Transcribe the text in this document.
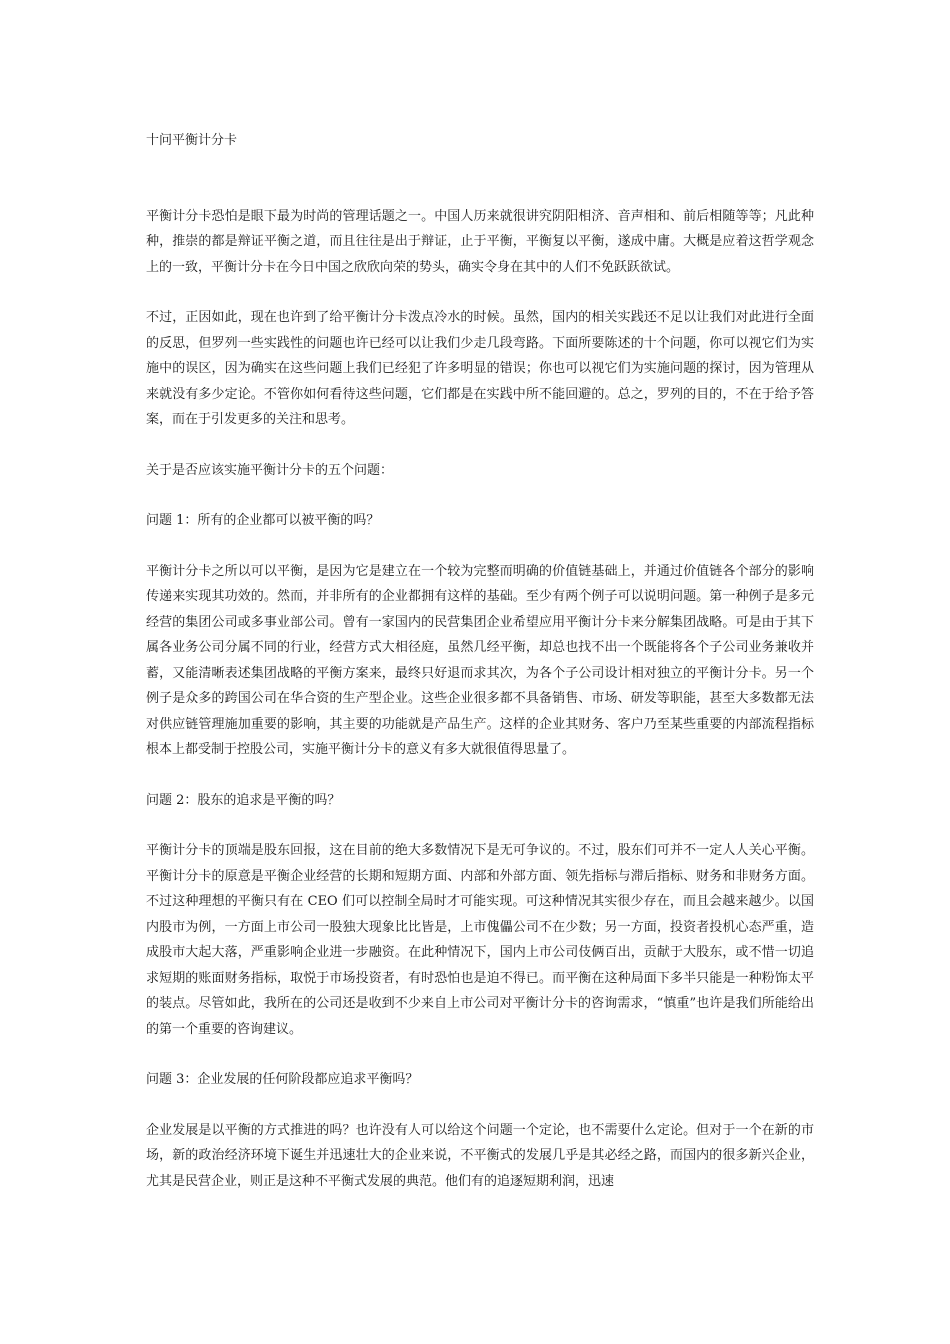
十问平衡计分卡

平衡计分卡恐怕是眼下最为时尚的管理话题之一。中国人历来就很讲究阴阳相济、音声相和、前后相随等等；凡此种种，推崇的都是辩证平衡之道，而且往往是出于辩证，止于平衡，平衡复以平衡，遂成中庸。大概是应着这哲学观念上的一致，平衡计分卡在今日中国之欣欣向荣的势头，确实令身在其中的人们不免跃跃欲试。

不过，正因如此，现在也许到了给平衡计分卡泼点冷水的时候。虽然，国内的相关实践还不足以让我们对此进行全面的反思，但罗列一些实践性的问题也许已经可以让我们少走几段弯路。下面所要陈述的十个问题，你可以视它们为实施中的误区，因为确实在这些问题上我们已经犯了许多明显的错误；你也可以视它们为实施问题的探讨，因为管理从来就没有多少定论。不管你如何看待这些问题，它们都是在实践中所不能回避的。总之，罗列的目的，不在于给予答案，而在于引发更多的关注和思考。

关于是否应该实施平衡计分卡的五个问题：

问题 1：所有的企业都可以被平衡的吗？

平衡计分卡之所以可以平衡，是因为它是建立在一个较为完整而明确的价值链基础上，并通过价值链各个部分的影响传递来实现其功效的。然而，并非所有的企业都拥有这样的基础。至少有两个例子可以说明问题。第一种例子是多元经营的集团公司或多事业部公司。曾有一家国内的民营集团企业希望应用平衡计分卡来分解集团战略。可是由于其下属各业务公司分属不同的行业，经营方式大相径庭，虽然几经平衡，却总也找不出一个既能将各个子公司业务兼收并蓄，又能清晰表述集团战略的平衡方案来，最终只好退而求其次，为各个子公司设计相对独立的平衡计分卡。另一个例子是众多的跨国公司在华合资的生产型企业。这些企业很多都不具备销售、市场、研发等职能，甚至大多数都无法对供应链管理施加重要的影响，其主要的功能就是产品生产。这样的企业其财务、客户乃至某些重要的内部流程指标根本上都受制于控股公司，实施平衡计分卡的意义有多大就很值得思量了。

问题 2：股东的追求是平衡的吗？

平衡计分卡的顶端是股东回报，这在目前的绝大多数情况下是无可争议的。不过，股东们可并不一定人人关心平衡。平衡计分卡的原意是平衡企业经营的长期和短期方面、内部和外部方面、领先指标与滞后指标、财务和非财务方面。不过这种理想的平衡只有在 CEO 们可以控制全局时才可能实现。可这种情况其实很少存在，而且会越来越少。以国内股市为例，一方面上市公司一股独大现象比比皆是，上市傀儡公司不在少数；另一方面，投资者投机心态严重，造成股市大起大落，严重影响企业进一步融资。在此种情况下，国内上市公司伎俩百出，贡献于大股东，或不惜一切追求短期的账面财务指标，取悦于市场投资者，有时恐怕也是迫不得已。而平衡在这种局面下多半只能是一种粉饰太平的装点。尽管如此，我所在的公司还是收到不少来自上市公司对平衡计分卡的咨询需求，“慎重”也许是我们所能给出的第一个重要的咨询建议。

问题 3：企业发展的任何阶段都应追求平衡吗？

企业发展是以平衡的方式推进的吗？也许没有人可以给这个问题一个定论，也不需要什么定论。但对于一个在新的市场，新的政治经济环境下诞生并迅速壮大的企业来说，不平衡式的发展几乎是其必经之路，而国内的很多新兴企业，尤其是民营企业，则正是这种不平衡式发展的典范。他们有的追逐短期利润，迅速
